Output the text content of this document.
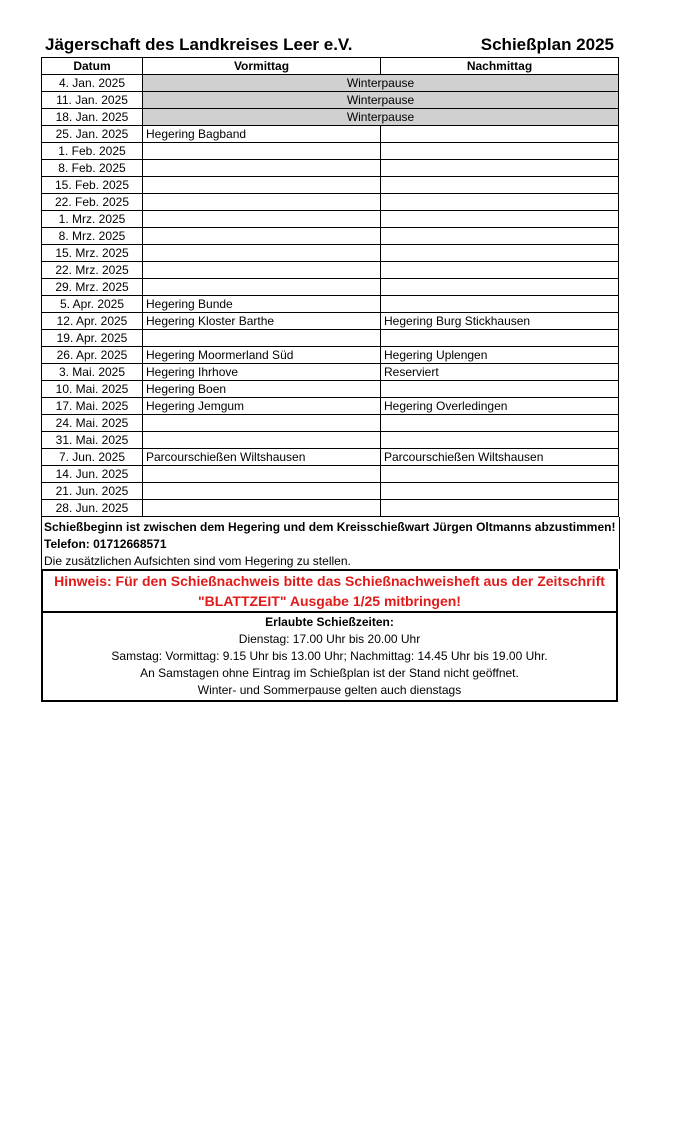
Jägerschaft des Landkreises Leer e.V.	Schießplan 2025
Datum	Vormittag	Nachmittag
4. Jan. 2025	Winterpause	
11. Jan. 2025	Winterpause	
18. Jan. 2025	Winterpause	
25. Jan. 2025	Hegering Bagband	
1. Feb. 2025		
8. Feb. 2025		
15. Feb. 2025		
22. Feb. 2025		
1. Mrz. 2025		
8. Mrz. 2025		
15. Mrz. 2025		
22. Mrz. 2025		
29. Mrz. 2025		
5. Apr. 2025	Hegering Bunde	
12. Apr. 2025	Hegering Kloster Barthe	Hegering Burg Stickhausen
19. Apr. 2025		
26. Apr. 2025	Hegering Moormerland Süd	Hegering Uplengen
3. Mai. 2025	Hegering Ihrhove	Reserviert
10. Mai. 2025	Hegering Boen	
17. Mai. 2025	Hegering Jemgum	Hegering Overledingen
24. Mai. 2025		
31. Mai. 2025		
7. Jun. 2025	Parcourschießen Wiltshausen	Parcourschießen Wiltshausen
14. Jun. 2025		
21. Jun. 2025		
28. Jun. 2025		
Schießbeginn ist zwischen dem Hegering und dem Kreisschießwart Jürgen Oltmanns abzustimmen!
Telefon: 01712668571
Die zusätzlichen Aufsichten sind vom Hegering zu stellen.
Hinweis: Für den Schießnachweis bitte das Schießnachweisheft aus der Zeitschrift
"BLATTZEIT" Ausgabe 1/25 mitbringen!
Erlaubte Schießzeiten:
Dienstag: 17.00 Uhr bis 20.00 Uhr
Samstag: Vormittag: 9.15 Uhr bis 13.00 Uhr; Nachmittag: 14.45 Uhr bis 19.00 Uhr.
An Samstagen ohne Eintrag im Schießplan ist der Stand nicht geöffnet.
Winter- und Sommerpause gelten auch dienstags
